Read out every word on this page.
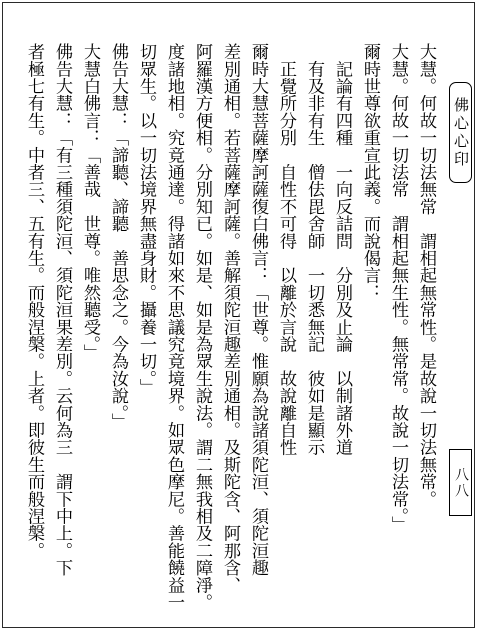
佛心心印
八八
大慧。何故一切法無常　謂相起無常性。是故說一切法無常。
大慧。何故一切法常　謂相起無生性。無常常。故說一切法常。」
爾時世尊欲重宣此義。而說偈言：
　記論有四種　一向反詰問　分別及止論　以制諸外道
　有及非有生　僧佉毘舍師　一切悉無記　彼如是顯示
　正覺所分別　自性不可得　以離於言說　故說離自性
爾時大慧菩薩摩訶薩復白佛言：「世尊。惟願為說諸須陀洹、須陀洹趣
差別通相。若菩薩摩訶薩。善解須陀洹趣差別通相。及斯陀含、阿那含、
阿羅漢方便相。分別知已。如是、如是為眾生說法。謂二無我相及二障淨。
度諸地相。究竟通達。得諸如來不思議究竟境界。如眾色摩尼。善能饒益一
切眾生。以一切法境界無盡身財。攝養一切。」
佛告大慧：「諦聽、諦聽　善思念之。今為汝說。」
大慧白佛言：「善哉　世尊。唯然聽受。」
佛告大慧：「有三種須陀洹、須陀洹果差別。云何為三　謂下中上。下
者極七有生。中者三、五有生。而般涅槃。上者。即彼生而般涅槃。
